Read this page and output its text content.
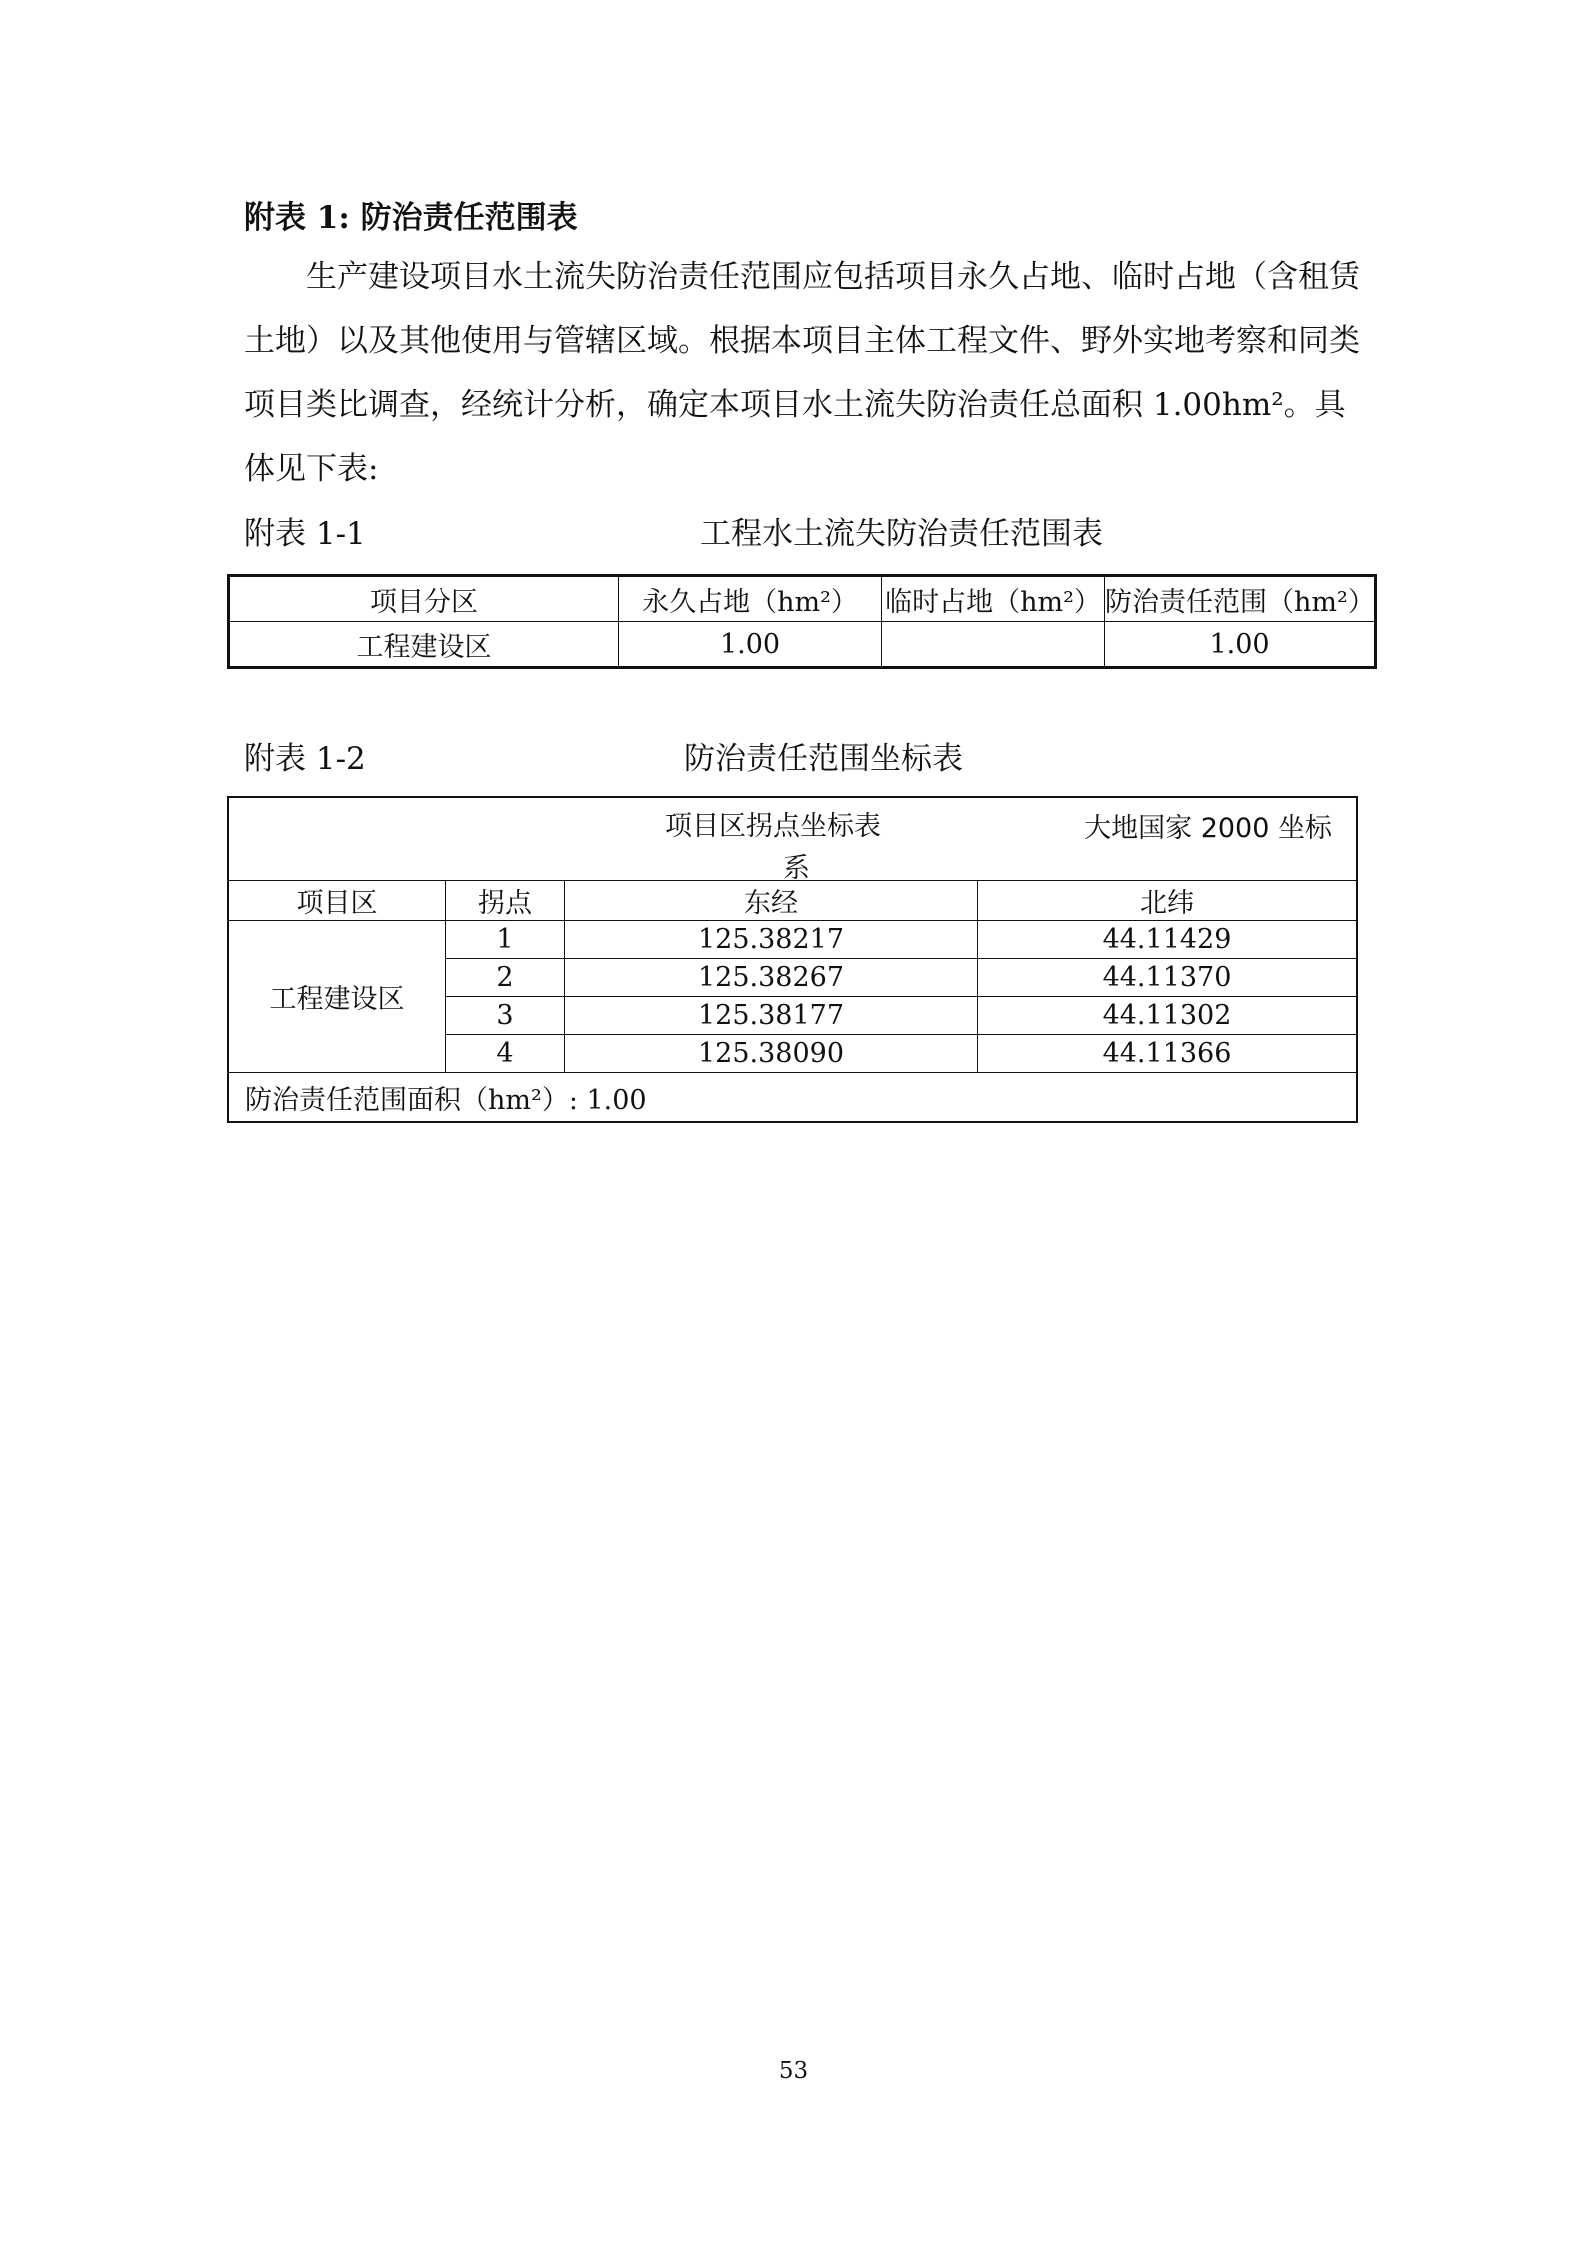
附表 1: 防治责任范围表
生产建设项目水土流失防治责任范围应包括项目永久占地、临时占地（含租赁土地）以及其他使用与管辖区域。根据本项目主体工程文件、野外实地考察和同类项目类比调查，经统计分析，确定本项目水土流失防治责任总面积 1.00hm²。具体见下表:
附表 1-1	工程水土流失防治责任范围表
项目分区	永久占地（hm²）	临时占地（hm²）	防治责任范围（hm²）
工程建设区	1.00		1.00
附表 1-2	防治责任范围坐标表
项目区拐点坐标表
系
大地国家 2000 坐标			

项目区	拐点	东经	北纬
工程建设区	1	125.38217	44.11429
	2	125.38267	44.11370
	3	125.38177	44.11302
	4	125.38090	44.11366
防治责任范围面积（hm²）: 1.00			
53
